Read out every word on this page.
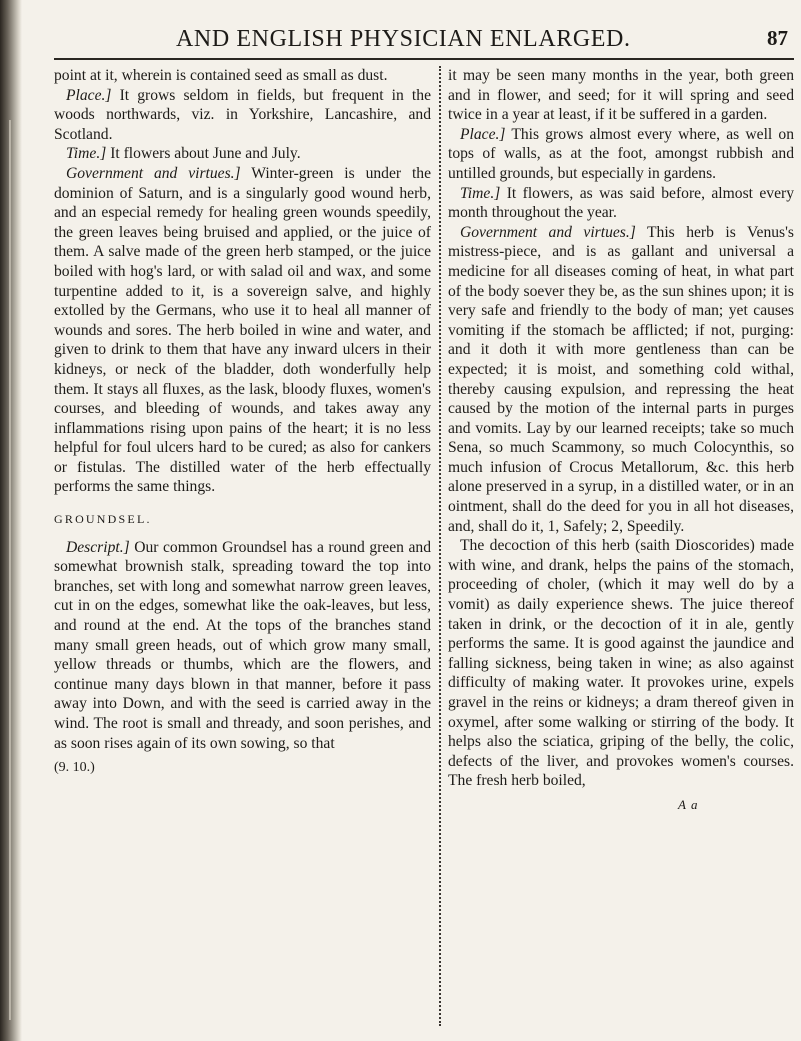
AND ENGLISH PHYSICIAN ENLARGED.	87

point at it, wherein is contained seed as small as dust.

Place.] It grows seldom in fields, but frequent in the woods northwards, viz. in Yorkshire, Lancashire, and Scotland.

Time.] It flowers about June and July.

Government and virtues.] Winter-green is under the dominion of Saturn, and is a singularly good wound herb, and an especial remedy for healing green wounds speedily, the green leaves being bruised and applied, or the juice of them. A salve made of the green herb stamped, or the juice boiled with hog's lard, or with salad oil and wax, and some turpentine added to it, is a sovereign salve, and highly extolled by the Germans, who use it to heal all manner of wounds and sores. The herb boiled in wine and water, and given to drink to them that have any inward ulcers in their kidneys, or neck of the bladder, doth wonderfully help them. It stays all fluxes, as the lask, bloody fluxes, women's courses, and bleeding of wounds, and takes away any inflammations rising upon pains of the heart; it is no less helpful for foul ulcers hard to be cured; as also for cankers or fistulas. The distilled water of the herb effectually performs the same things.

GROUNDSEL.

Descript.] Our common Groundsel has a round green and somewhat brownish stalk, spreading toward the top into branches, set with long and somewhat narrow green leaves, cut in on the edges, somewhat like the oak-leaves, but less, and round at the end. At the tops of the branches stand many small green heads, out of which grow many small, yellow threads or thumbs, which are the flowers, and continue many days blown in that manner, before it pass away into Down, and with the seed is carried away in the wind. The root is small and thready, and soon perishes, and as soon rises again of its own sowing, so that

(9. 10.)

it may be seen many months in the year, both green and in flower, and seed; for it will spring and seed twice in a year at least, if it be suffered in a garden.

Place.] This grows almost every where, as well on tops of walls, as at the foot, amongst rubbish and untilled grounds, but especially in gardens.

Time.] It flowers, as was said before, almost every month throughout the year.

Government and virtues.] This herb is Venus's mistress-piece, and is as gallant and universal a medicine for all diseases coming of heat, in what part of the body soever they be, as the sun shines upon; it is very safe and friendly to the body of man; yet causes vomiting if the stomach be afflicted; if not, purging: and it doth it with more gentleness than can be expected; it is moist, and something cold withal, thereby causing expulsion, and repressing the heat caused by the motion of the internal parts in purges and vomits. Lay by our learned receipts; take so much Sena, so much Scammony, so much Colocynthis, so much infusion of Crocus Metallorum, &c. this herb alone preserved in a syrup, in a distilled water, or in an ointment, shall do the deed for you in all hot diseases, and, shall do it, 1, Safely; 2, Speedily.

The decoction of this herb (saith Dioscorides) made with wine, and drank, helps the pains of the stomach, proceeding of choler, (which it may well do by a vomit) as daily experience shews. The juice thereof taken in drink, or the decoction of it in ale, gently performs the same. It is good against the jaundice and falling sickness, being taken in wine; as also against difficulty of making water. It provokes urine, expels gravel in the reins or kidneys; a dram thereof given in oxymel, after some walking or stirring of the body. It helps also the sciatica, griping of the belly, the colic, defects of the liver, and provokes women's courses. The fresh herb boiled,

A a
